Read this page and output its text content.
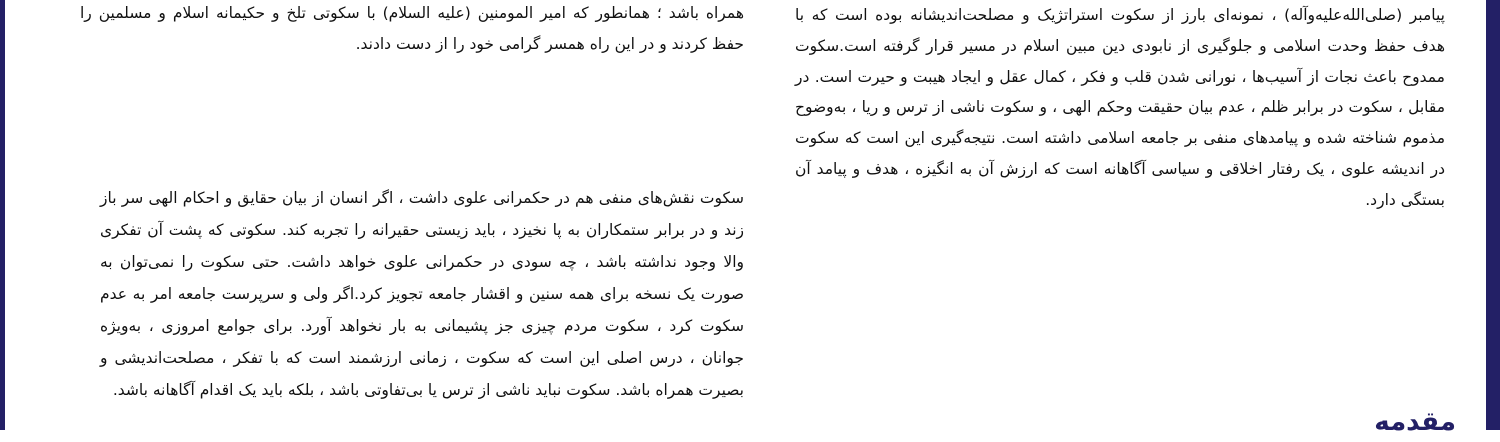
همراه باشد ؛ همانطور که امیر المومنین (علیه السلام) با سکوتی تلخ و حکیمانه اسلام و مسلمین را حفظ کردند و در این راه همسر گرامی خود را از دست دادند.

سکوت نقش‌های منفی هم در حکمرانی علوی داشت ، اگر انسان از بیان حقایق و احکام الهی سر باز زند و در برابر ستمکاران به پا نخیزد ، باید زیستی حقیرانه را تجربه کند. سکوتی که پشت آن تفکری والا وجود نداشته باشد ، چه سودی در حکمرانی علوی خواهد داشت. حتی سکوت را نمی‌توان به صورت یک نسخه برای همه سنین و اقشار جامعه تجویز کرد.اگر ولی و سرپرست جامعه امر به عدم سکوت کرد ، سکوت مردم چیزی جز پشیمانی به بار نخواهد آورد. برای جوامع امروزی ، به‌ویژه جوانان ، درس اصلی این است که سکوت ، زمانی ارزشمند است که با تفکر ، مصلحت‌اندیشی و بصیرت همراه باشد. سکوت نباید ناشی از ترس یا بی‌تفاوتی باشد ، بلکه باید یک اقدام آگاهانه باشد.

پیامبر (صلی‌الله‌علیه‌وآله) ، نمونه‌ای بارز از سکوت استراتژیک و مصلحت‌اندیشانه بوده است که با هدف حفظ وحدت اسلامی و جلوگیری از نابودی دین مبین اسلام در مسیر قرار گرفته است.سکوت ممدوح باعث نجات از آسیب‌ها ، نورانی شدن قلب و فکر ، کمال عقل و ایجاد هیبت و حیرت است. در مقابل ، سکوت در برابر ظلم ، عدم بیان حقیقت وحکم الهی ، و سکوت ناشی از ترس و ریا ، به‌وضوح مذموم شناخته شده و پیامدهای منفی بر جامعه اسلامی داشته است. نتیجه‌گیری این است که سکوت در اندیشه علوی ، یک رفتار اخلاقی و سیاسی آگاهانه است که ارزش آن به انگیزه ، هدف و پیامد آن بستگی دارد.

مقدمه
